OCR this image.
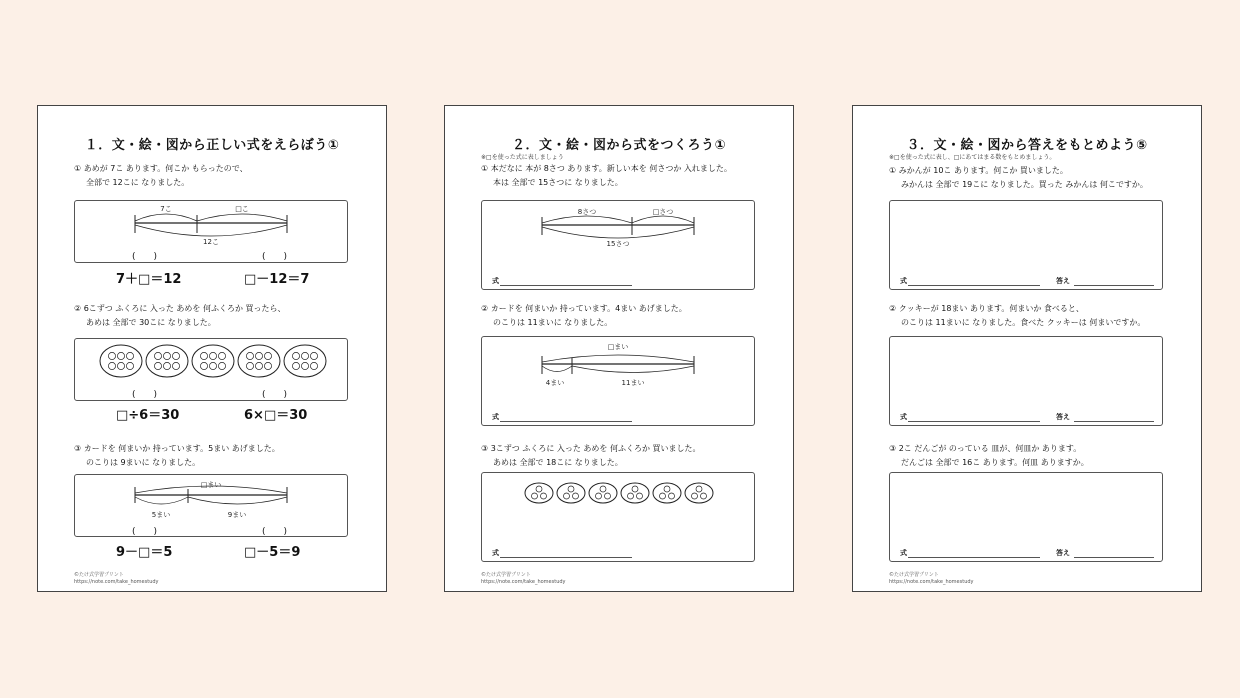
１．文・絵・図から正しい式をえらぼう①
① あめが 7こ あります。何こか もらったので、
全部で 12こに なりました。
7こ	□こ
12こ
(　　)	(　　)
7＋□＝12	□－12＝7
② 6こずつ ふくろに 入った あめを 何ふくろか 買ったら、
あめは 全部で 30こに なりました。
(　　)	(　　)
□÷6＝30	6×□＝30
③ カードを 何まいか 持っています。5まい あげました。
のこりは 9まいに なりました。
□まい
5まい	9まい
(　　)	(　　)
9－□＝5	□－5＝9
©たけ式学習プリント
https://note.com/take_homestudy
２．文・絵・図から式をつくろう①
※□を使った式に表しましょう
① 本だなに 本が 8さつ あります。新しい本を 何さつか 入れました。
本は 全部で 15さつに なりました。
8さつ	□さつ
15さつ
式
② カードを 何まいか 持っています。4まい あげました。
のこりは 11まいに なりました。
□まい
4まい	11まい
式
③ 3こずつ ふくろに 入った あめを 何ふくろか 買いました。
あめは 全部で 18こに なりました。
式
©たけ式学習プリント
https://note.com/take_homestudy
３．文・絵・図から答えをもとめよう⑤
※□を使った式に表し、□にあてはまる数をもとめましょう。
① みかんが 10こ あります。何こか 買いました。
みかんは 全部で 19こに なりました。買った みかんは 何こですか。
式	答え
② クッキーが 18まい あります。何まいか 食べると、
のこりは 11まいに なりました。食べた クッキーは 何まいですか。
式	答え
③ 2こ だんごが のっている 皿が、何皿か あります。
だんごは 全部で 16こ あります。何皿 ありますか。
式	答え
©たけ式学習プリント
https://note.com/take_homestudy
